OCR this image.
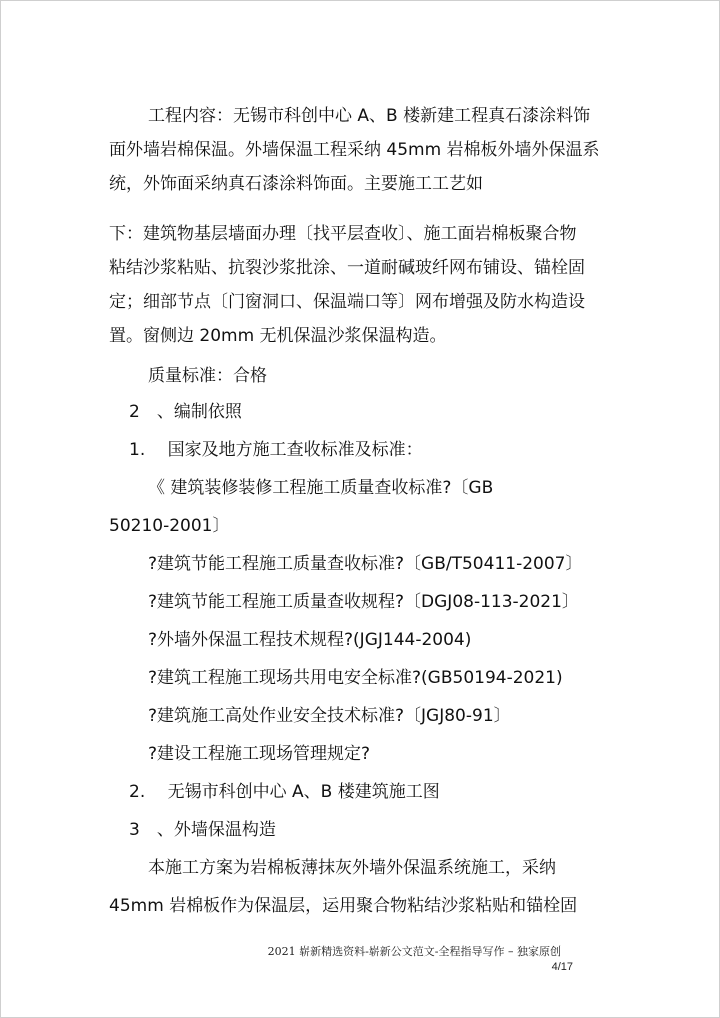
工程内容：无锡市科创中心 A、B 楼新建工程真石漆涂料饰
面外墙岩棉保温。外墙保温工程采纳 45mm 岩棉板外墙外保温系
统，外饰面采纳真石漆涂料饰面。主要施工工艺如
下：建筑物基层墙面办理〔找平层查收〕、施工面岩棉板聚合物
粘结沙浆粘贴、抗裂沙浆批涂、一道耐碱玻纤网布铺设、锚栓固
定；细部节点〔门窗洞口、保温端口等〕网布增强及防水构造设
置。窗侧边 20mm 无机保温沙浆保温构造。
质量标准：合格
2　、编制依照
1.　 国家及地方施工查收标准及标准：
《 建筑装修装修工程施工质量查收标准?〔GB
50210-2001〕
?建筑节能工程施工质量查收标准?〔GB/T50411-2007〕
?建筑节能工程施工质量查收规程?〔DGJ08-113-2021〕
?外墙外保温工程技术规程?(JGJ144-2004)
?建筑工程施工现场共用电安全标准?(GB50194-2021)
?建筑施工高处作业安全技术标准?〔JGJ80-91〕
?建设工程施工现场管理规定?
2.　 无锡市科创中心 A、B 楼建筑施工图
3　、外墙保温构造
本施工方案为岩棉板薄抹灰外墙外保温系统施工，采纳
45mm 岩棉板作为保温层，运用聚合物粘结沙浆粘贴和锚栓固
2021 崭新精选资料-崭新公文范文-全程指导写作 – 独家原创
4/17
